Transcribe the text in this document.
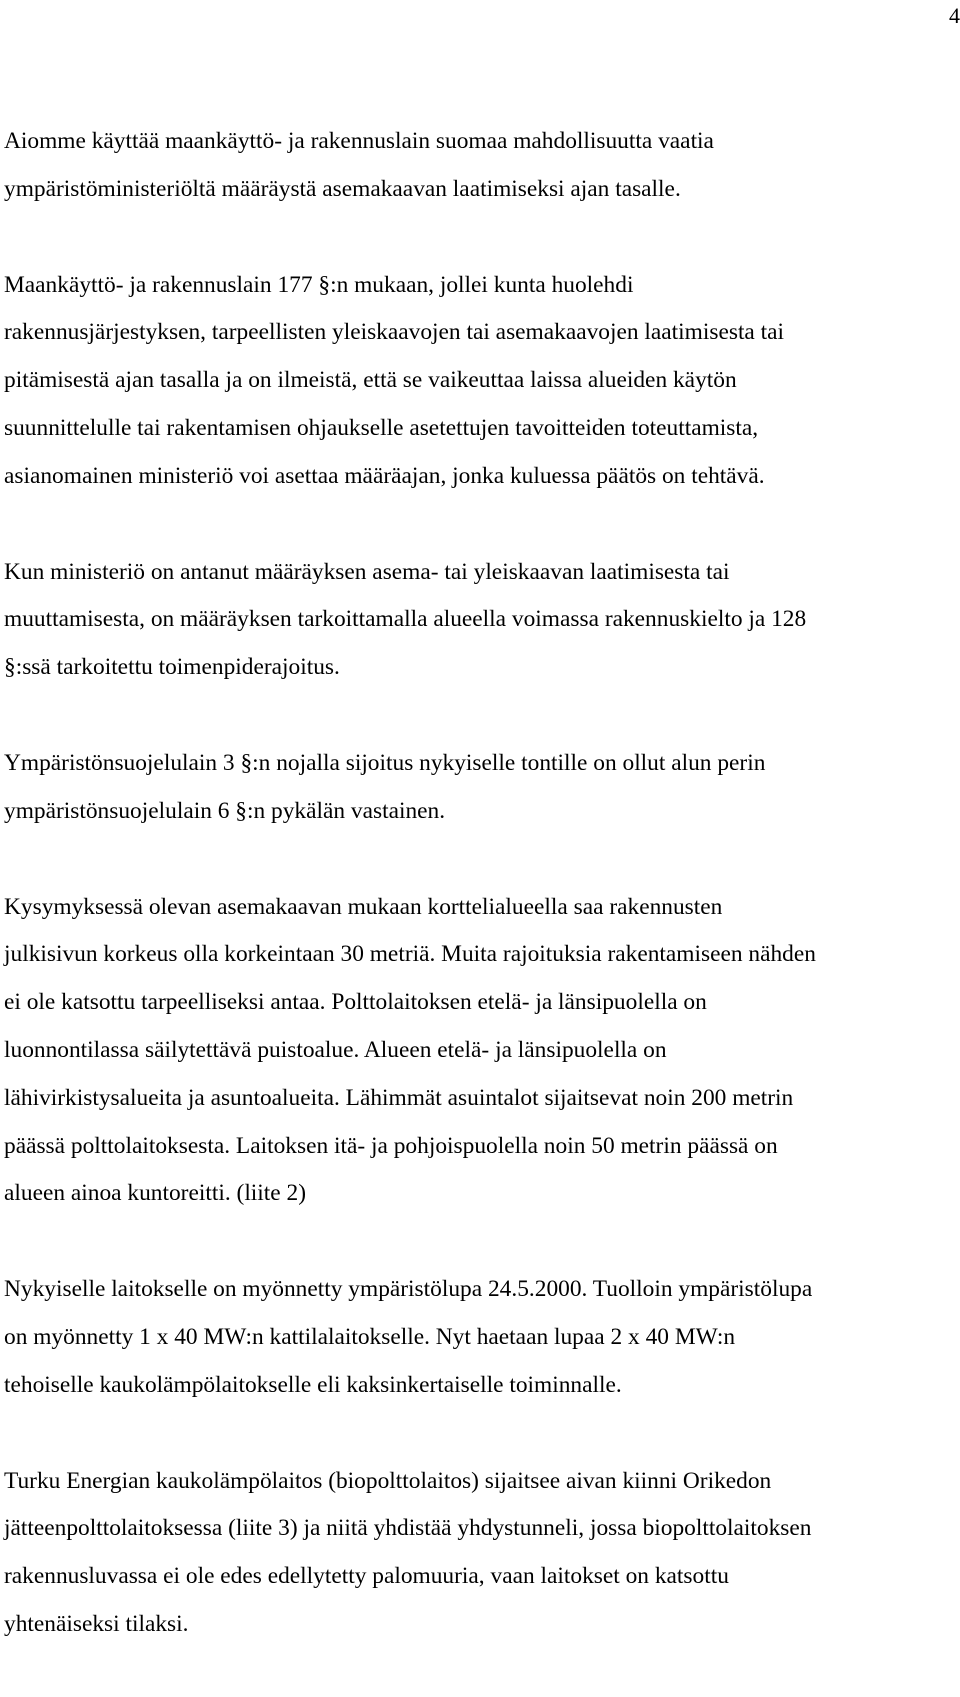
4

Aiomme käyttää maankäyttö- ja rakennuslain suomaa mahdollisuutta vaatia
ympäristöministeriöltä määräystä asemakaavan laatimiseksi ajan tasalle.

Maankäyttö- ja rakennuslain 177 §:n mukaan, jollei kunta huolehdi
rakennusjärjestyksen, tarpeellisten yleiskaavojen tai asemakaavojen laatimisesta tai
pitämisestä ajan tasalla ja on ilmeistä, että se vaikeuttaa laissa alueiden käytön
suunnittelulle tai rakentamisen ohjaukselle asetettujen tavoitteiden toteuttamista,
asianomainen ministeriö voi asettaa määräajan, jonka kuluessa päätös on tehtävä.

Kun ministeriö on antanut määräyksen asema- tai yleiskaavan laatimisesta tai
muuttamisesta, on määräyksen tarkoittamalla alueella voimassa rakennuskielto ja 128
§:ssä tarkoitettu toimenpiderajoitus.

Ympäristönsuojelulain 3 §:n nojalla sijoitus nykyiselle tontille on ollut alun perin
ympäristönsuojelulain 6 §:n pykälän vastainen.

Kysymyksessä olevan asemakaavan mukaan korttelialueella saa rakennusten
julkisivun korkeus olla korkeintaan 30 metriä. Muita rajoituksia rakentamiseen nähden
ei ole katsottu tarpeelliseksi antaa. Polttolaitoksen etelä- ja länsipuolella on
luonnontilassa säilytettävä puistoalue. Alueen etelä- ja länsipuolella on
lähivirkistysalueita ja asuntoalueita. Lähimmät asuintalot sijaitsevat noin 200 metrin
päässä polttolaitoksesta. Laitoksen itä- ja pohjoispuolella noin 50 metrin päässä on
alueen ainoa kuntoreitti. (liite 2)

Nykyiselle laitokselle on myönnetty ympäristölupa 24.5.2000. Tuolloin ympäristölupa
on myönnetty 1 x 40 MW:n kattilalaitokselle. Nyt haetaan lupaa 2 x 40 MW:n
tehoiselle kaukolämpölaitokselle eli kaksinkertaiselle toiminnalle.

Turku Energian kaukolämpölaitos (biopolttolaitos) sijaitsee aivan kiinni Orikedon
jätteenpolttolaitoksessa (liite 3) ja niitä yhdistää yhdystunneli, jossa biopolttolaitoksen
rakennusluvassa ei ole edes edellytetty palomuuria, vaan laitokset on katsottu
yhtenäiseksi tilaksi.
